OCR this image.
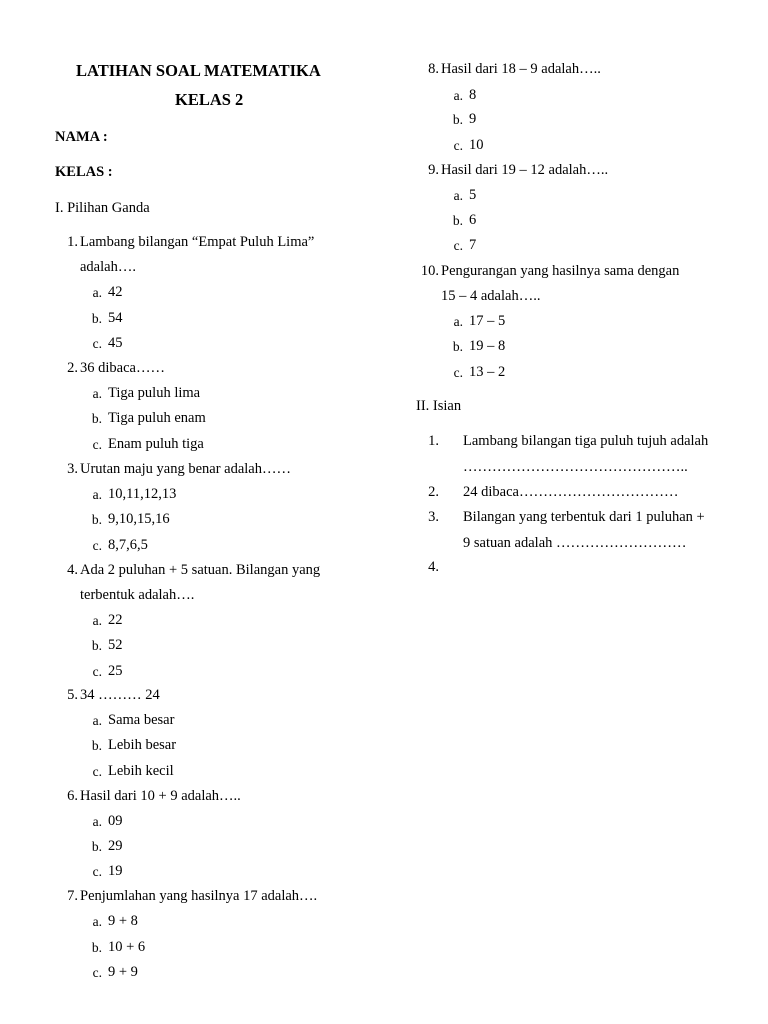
LATIHAN SOAL MATEMATIKA
KELAS 2
NAMA :
KELAS :
I. Pilihan Ganda
1. Lambang bilangan “Empat Puluh Lima”
adalah….
a. 42
b. 54
c. 45
2. 36 dibaca……
a. Tiga puluh lima
b. Tiga puluh enam
c. Enam puluh tiga
3. Urutan maju yang benar adalah……
a. 10,11,12,13
b. 9,10,15,16
c. 8,7,6,5
4. Ada 2 puluhan + 5 satuan. Bilangan yang
terbentuk adalah….
a. 22
b. 52
c. 25
5. 34 ……… 24
a. Sama besar
b. Lebih besar
c. Lebih kecil
6. Hasil dari 10 + 9 adalah…..
a. 09
b. 29
c. 19
7. Penjumlahan yang hasilnya 17 adalah….
a. 9 + 8
b. 10 + 6
c. 9 + 9
8. Hasil dari 18 – 9 adalah…..
a. 8
b. 9
c. 10
9. Hasil dari 19 – 12 adalah…..
a. 5
b. 6
c. 7
10. Pengurangan yang hasilnya sama dengan
15 – 4 adalah…..
a. 17 – 5
b. 19 – 8
c. 13 – 2
II. Isian
1. Lambang bilangan tiga puluh tujuh adalah
………………………………………..
2. 24 dibaca……………………………
3. Bilangan yang terbentuk dari 1 puluhan +
9 satuan adalah ………………………
4.
